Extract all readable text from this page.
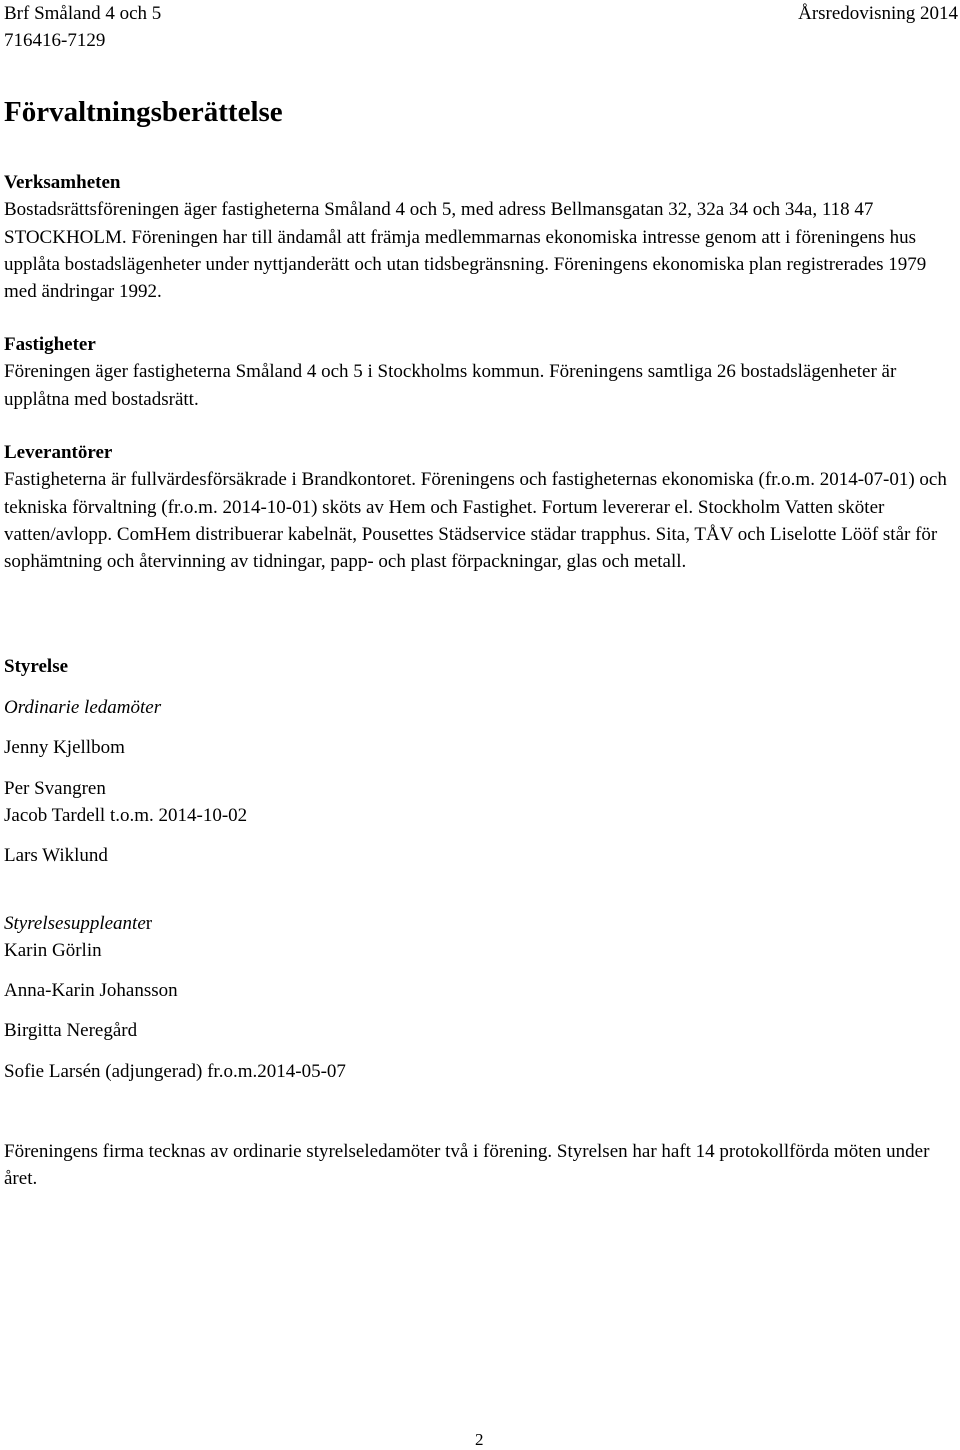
Brf Småland 4 och 5
716416-7129
Årsredovisning 2014
Förvaltningsberättelse
Verksamheten
Bostadsrättsföreningen äger fastigheterna Småland 4 och 5, med adress Bellmansgatan 32, 32a 34 och 34a, 118 47 STOCKHOLM. Föreningen har till ändamål att främja medlemmarnas ekonomiska intresse genom att i föreningens hus upplåta bostadslägenheter under nyttjanderätt och utan tidsbegränsning. Föreningens ekonomiska plan registrerades 1979 med ändringar 1992.
Fastigheter
Föreningen äger fastigheterna Småland 4 och 5 i Stockholms kommun. Föreningens samtliga 26 bostadslägenheter är upplåtna med bostadsrätt.
Leverantörer
Fastigheterna är fullvärdesförsäkrade i Brandkontoret. Föreningens och fastigheternas ekonomiska (fr.o.m. 2014-07-01) och tekniska förvaltning (fr.o.m. 2014-10-01) sköts av Hem och Fastighet. Fortum levererar el. Stockholm Vatten sköter vatten/avlopp. ComHem distribuerar kabelnät, Pousettes Städservice städar trapphus. Sita, TÅV och Liselotte Lööf står för sophämtning och återvinning av tidningar, papp- och plast förpackningar, glas och metall.
Styrelse
Ordinarie ledamöter
Jenny Kjellbom
Per Svangren
Jacob Tardell t.o.m. 2014-10-02
Lars Wiklund
Styrelsesuppleanter
Karin Görlin
Anna-Karin Johansson
Birgitta Neregård
Sofie Larsén (adjungerad) fr.o.m.2014-05-07
Föreningens firma tecknas av ordinarie styrelseledamöter två i förening. Styrelsen har haft 14 protokollförda möten under året.
2
